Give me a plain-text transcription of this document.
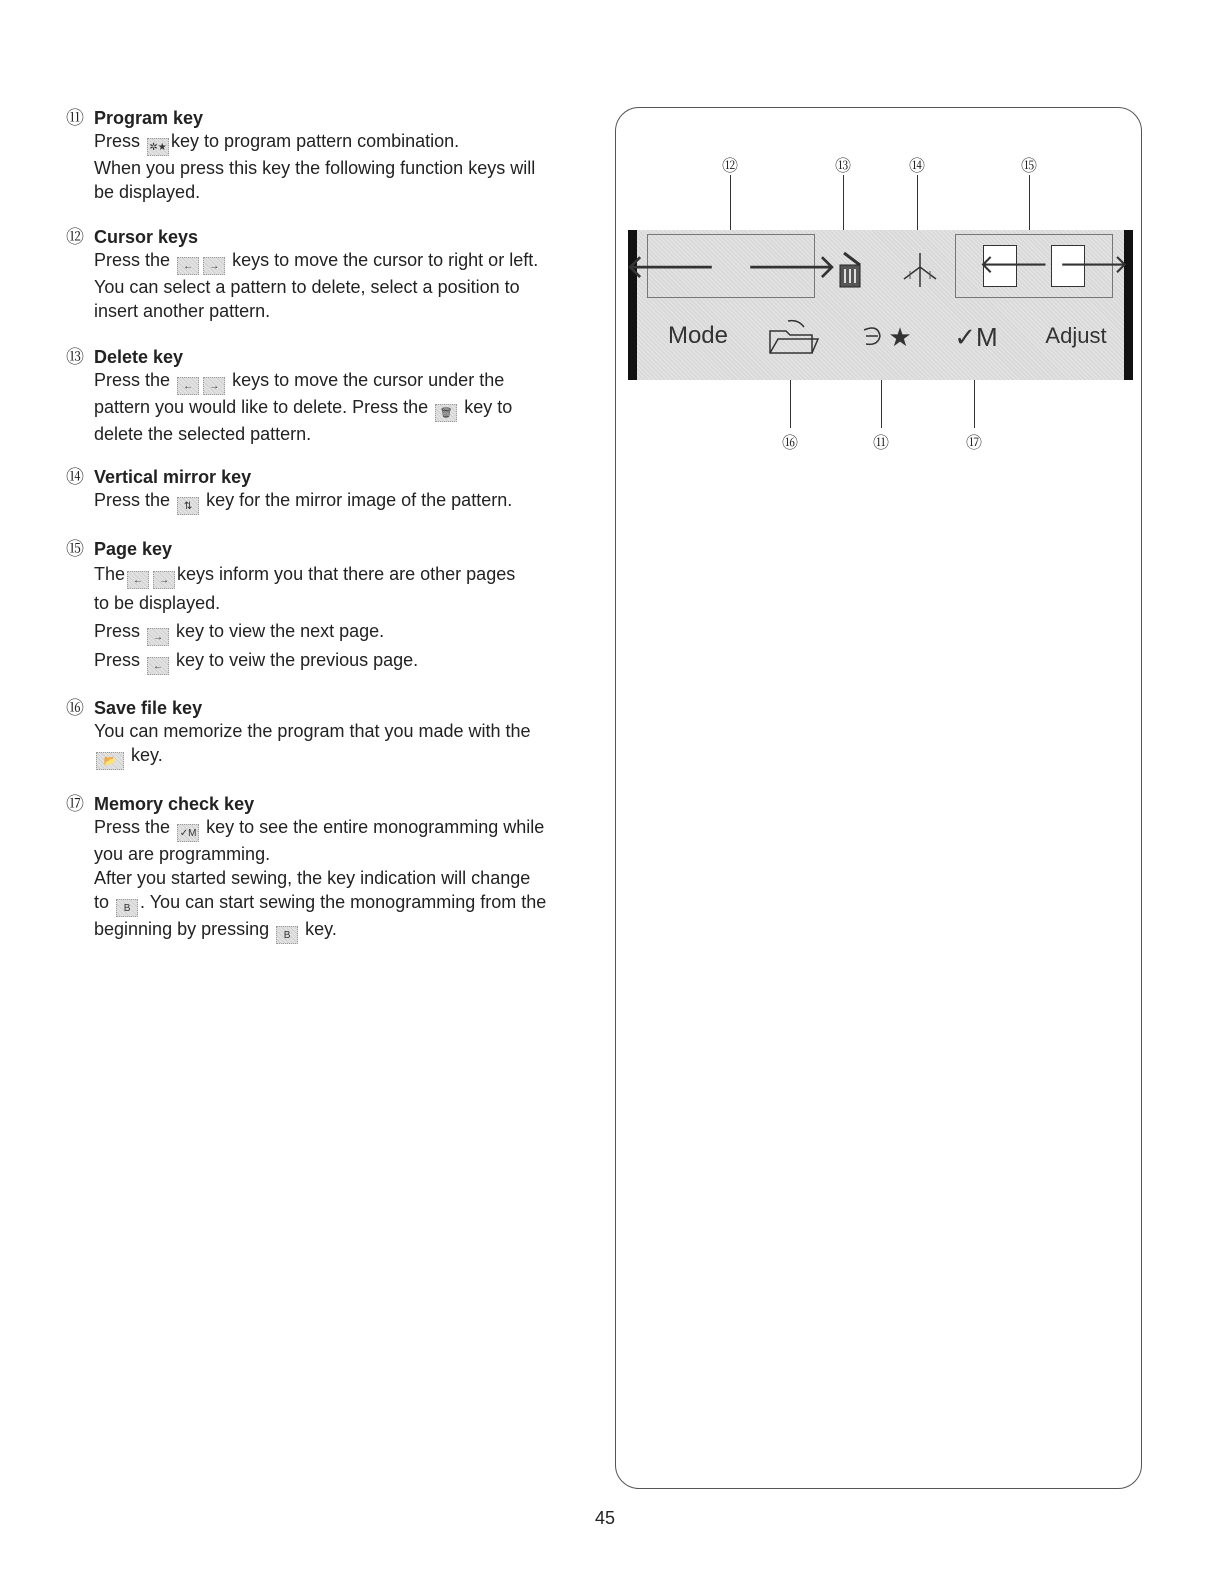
⑪ Program key

Press ✲★ key to program pattern combination.
When you press this key the following function keys will
be displayed.

⑫ Cursor keys

Press the ← → keys to move the cursor to right or left.
You can select a pattern to delete, select a position to
insert another pattern.

⑬ Delete key

Press the ← → keys to move the cursor under the
pattern you would like to delete. Press the 🗑 key to
delete the selected pattern.

⑭ Vertical mirror key

Press the ⇅ key for the mirror image of the pattern.

⑮ Page key

The ← → keys inform you that there are other pages
to be displayed.
Press → key to view the next page.
Press ← key to veiw the previous page.

⑯ Save file key

You can memorize the program that you made with the
📂 key.

⑰ Memory check key

Press the ✓M key to see the entire monogramming while
you are programming.
After you started sewing, the key indication will change
to B . You can start sewing the monogramming from the
beginning by pressing B key.
⑫	⑬	⑭	⑮
⑯	⑪	⑰
🡐 🡒	🡐 🡒
Mode	★	✓M	Adjust
45
